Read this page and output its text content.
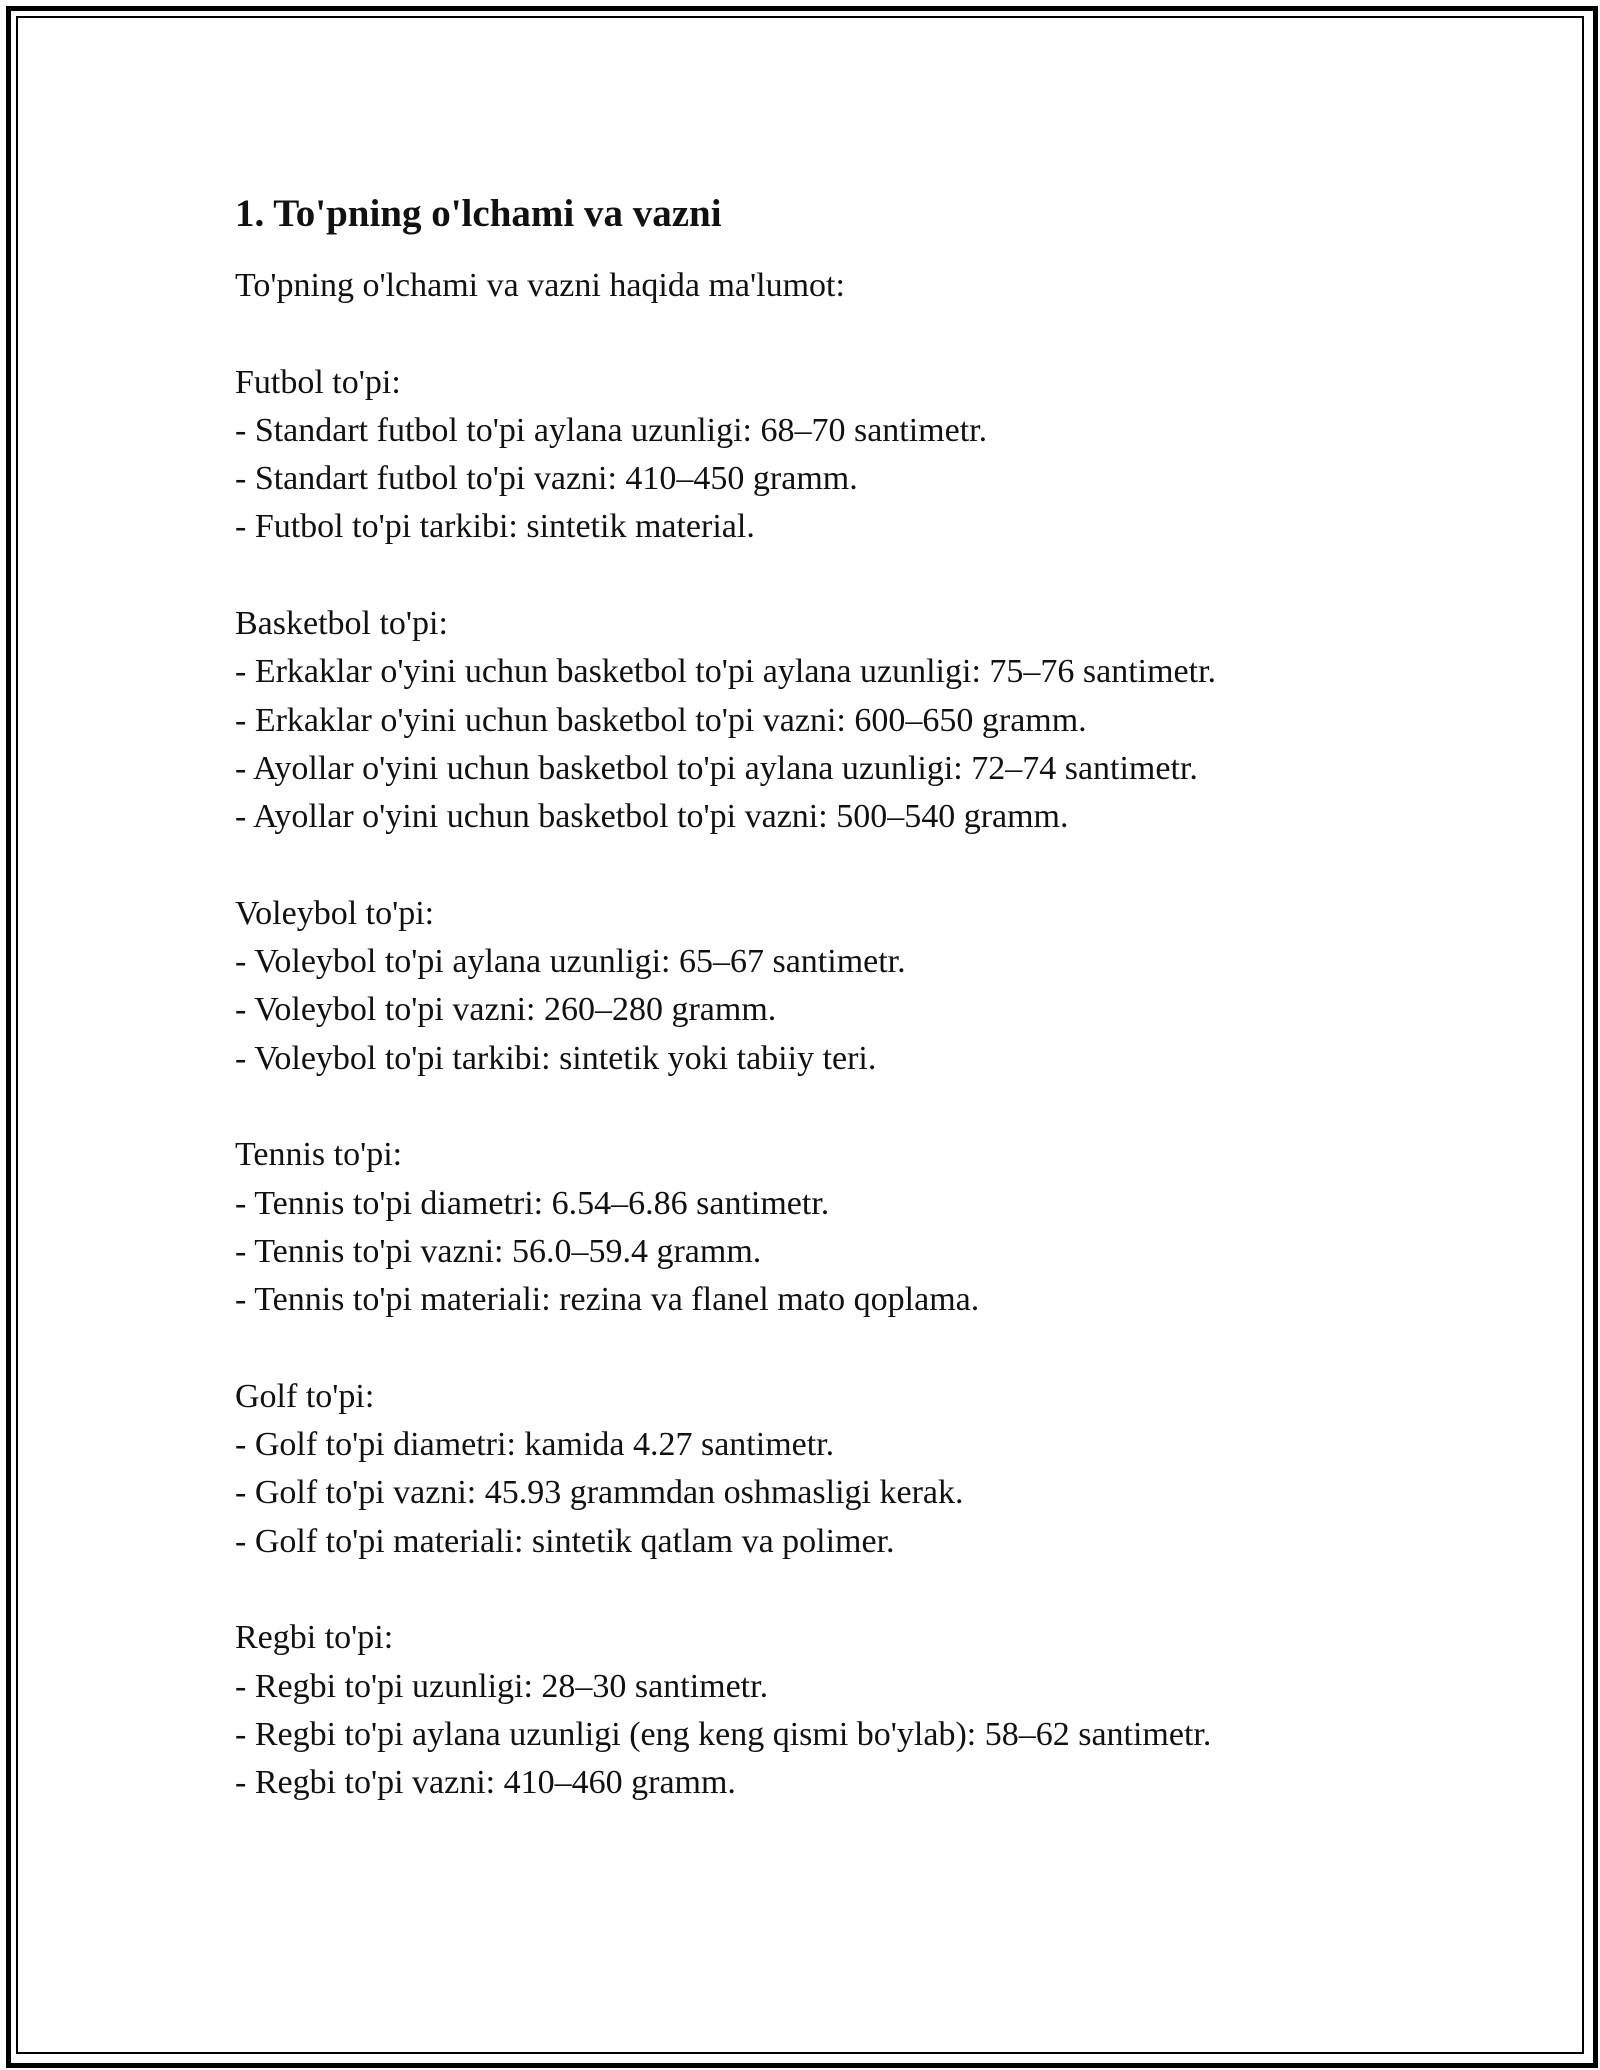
1. To'pning o'lchami va vazni
To'pning o'lchami va vazni haqida ma'lumot:
Futbol to'pi:
- Standart futbol to'pi aylana uzunligi: 68–70 santimetr.
- Standart futbol to'pi vazni: 410–450 gramm.
- Futbol to'pi tarkibi: sintetik material.
Basketbol to'pi:
- Erkaklar o'yini uchun basketbol to'pi aylana uzunligi: 75–76 santimetr.
- Erkaklar o'yini uchun basketbol to'pi vazni: 600–650 gramm.
- Ayollar o'yini uchun basketbol to'pi aylana uzunligi: 72–74 santimetr.
- Ayollar o'yini uchun basketbol to'pi vazni: 500–540 gramm.
Voleybol to'pi:
- Voleybol to'pi aylana uzunligi: 65–67 santimetr.
- Voleybol to'pi vazni: 260–280 gramm.
- Voleybol to'pi tarkibi: sintetik yoki tabiiy teri.
Tennis to'pi:
- Tennis to'pi diametri: 6.54–6.86 santimetr.
- Tennis to'pi vazni: 56.0–59.4 gramm.
- Tennis to'pi materiali: rezina va flanel mato qoplama.
Golf to'pi:
- Golf to'pi diametri: kamida 4.27 santimetr.
- Golf to'pi vazni: 45.93 grammdan oshmasligi kerak.
- Golf to'pi materiali: sintetik qatlam va polimer.
Regbi to'pi:
- Regbi to'pi uzunligi: 28–30 santimetr.
- Regbi to'pi aylana uzunligi (eng keng qismi bo'ylab): 58–62 santimetr.
- Regbi to'pi vazni: 410–460 gramm.
